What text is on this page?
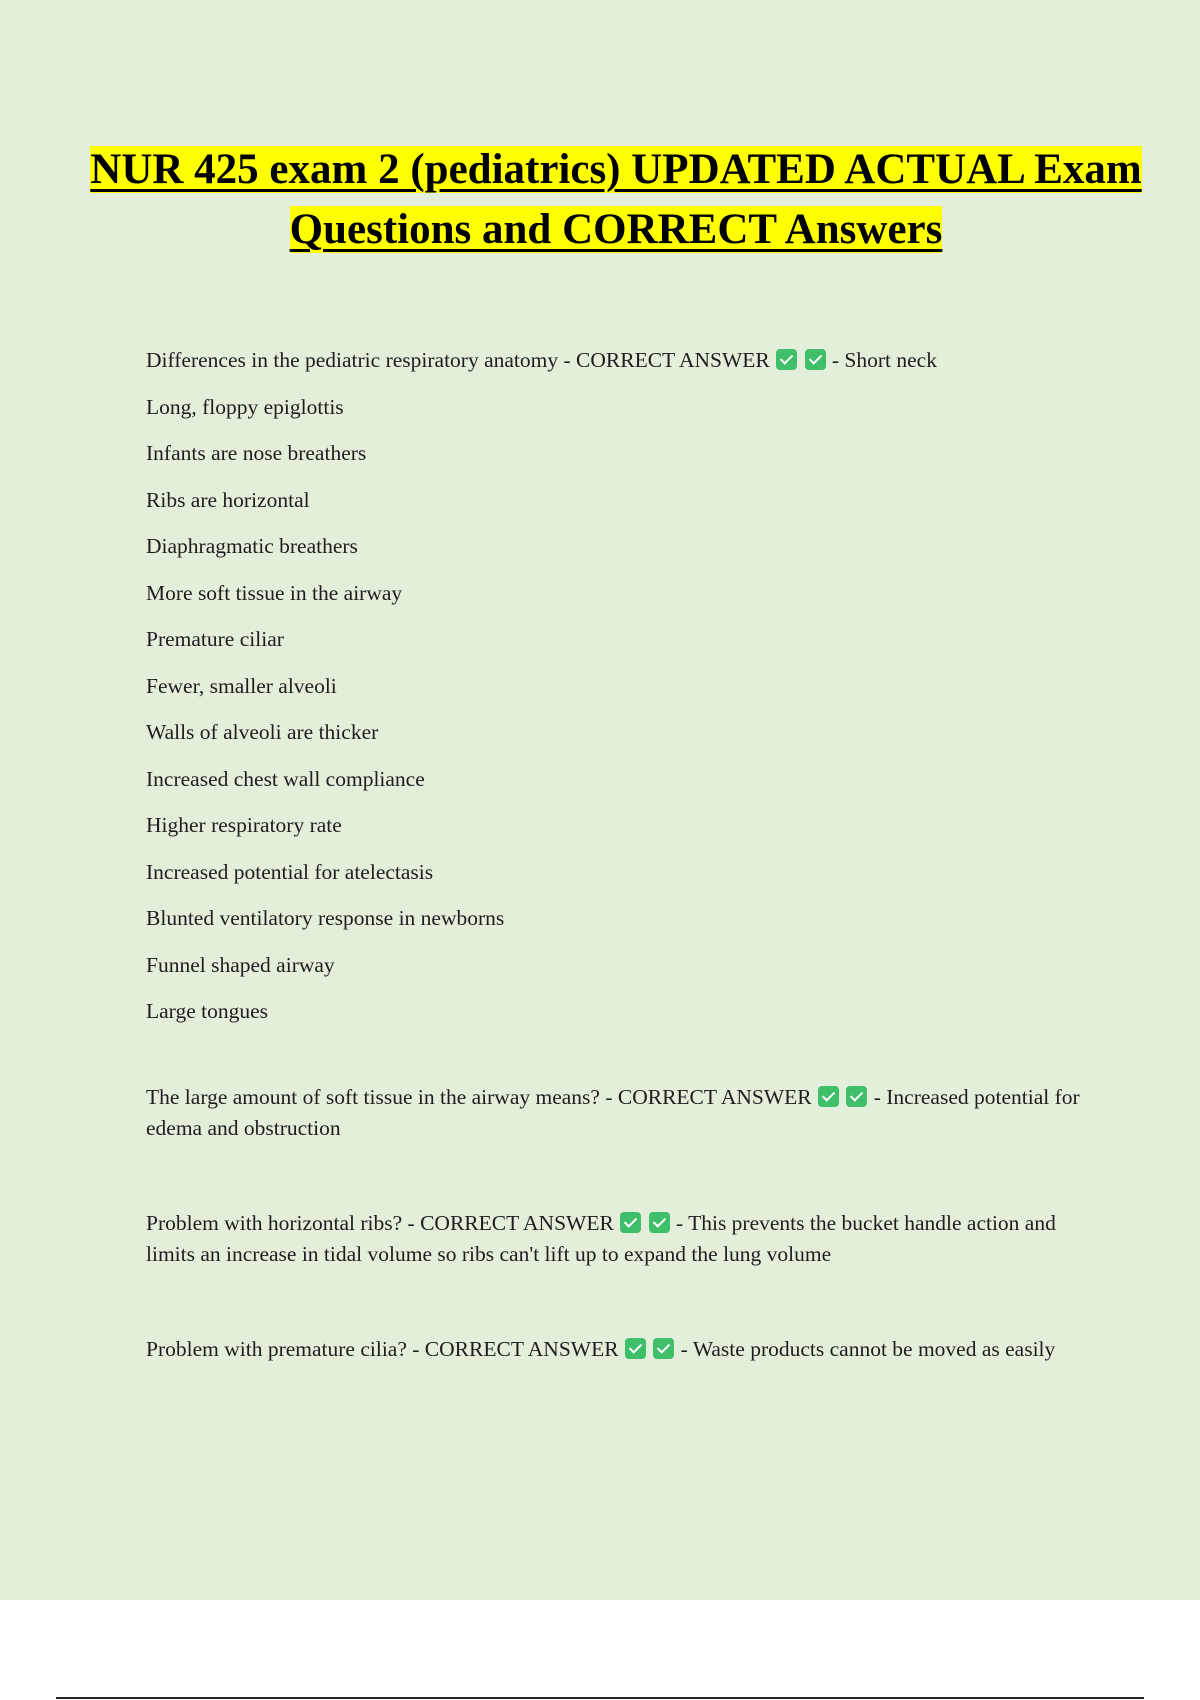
NUR 425 exam 2 (pediatrics) UPDATED ACTUAL Exam Questions and CORRECT Answers
Differences in the pediatric respiratory anatomy - CORRECT ANSWER	- Short neck
Long, floppy epiglottis
Infants are nose breathers
Ribs are horizontal
Diaphragmatic breathers
More soft tissue in the airway
Premature ciliar
Fewer, smaller alveoli
Walls of alveoli are thicker
Increased chest wall compliance
Higher respiratory rate
Increased potential for atelectasis
Blunted ventilatory response in newborns
Funnel shaped airway
Large tongues
The large amount of soft tissue in the airway means? - CORRECT ANSWER	- Increased potential for edema and obstruction
Problem with horizontal ribs? - CORRECT ANSWER	- This prevents the bucket handle action and limits an increase in tidal volume so ribs can't lift up to expand the lung volume
Problem with premature cilia? - CORRECT ANSWER	- Waste products cannot be moved as easily
